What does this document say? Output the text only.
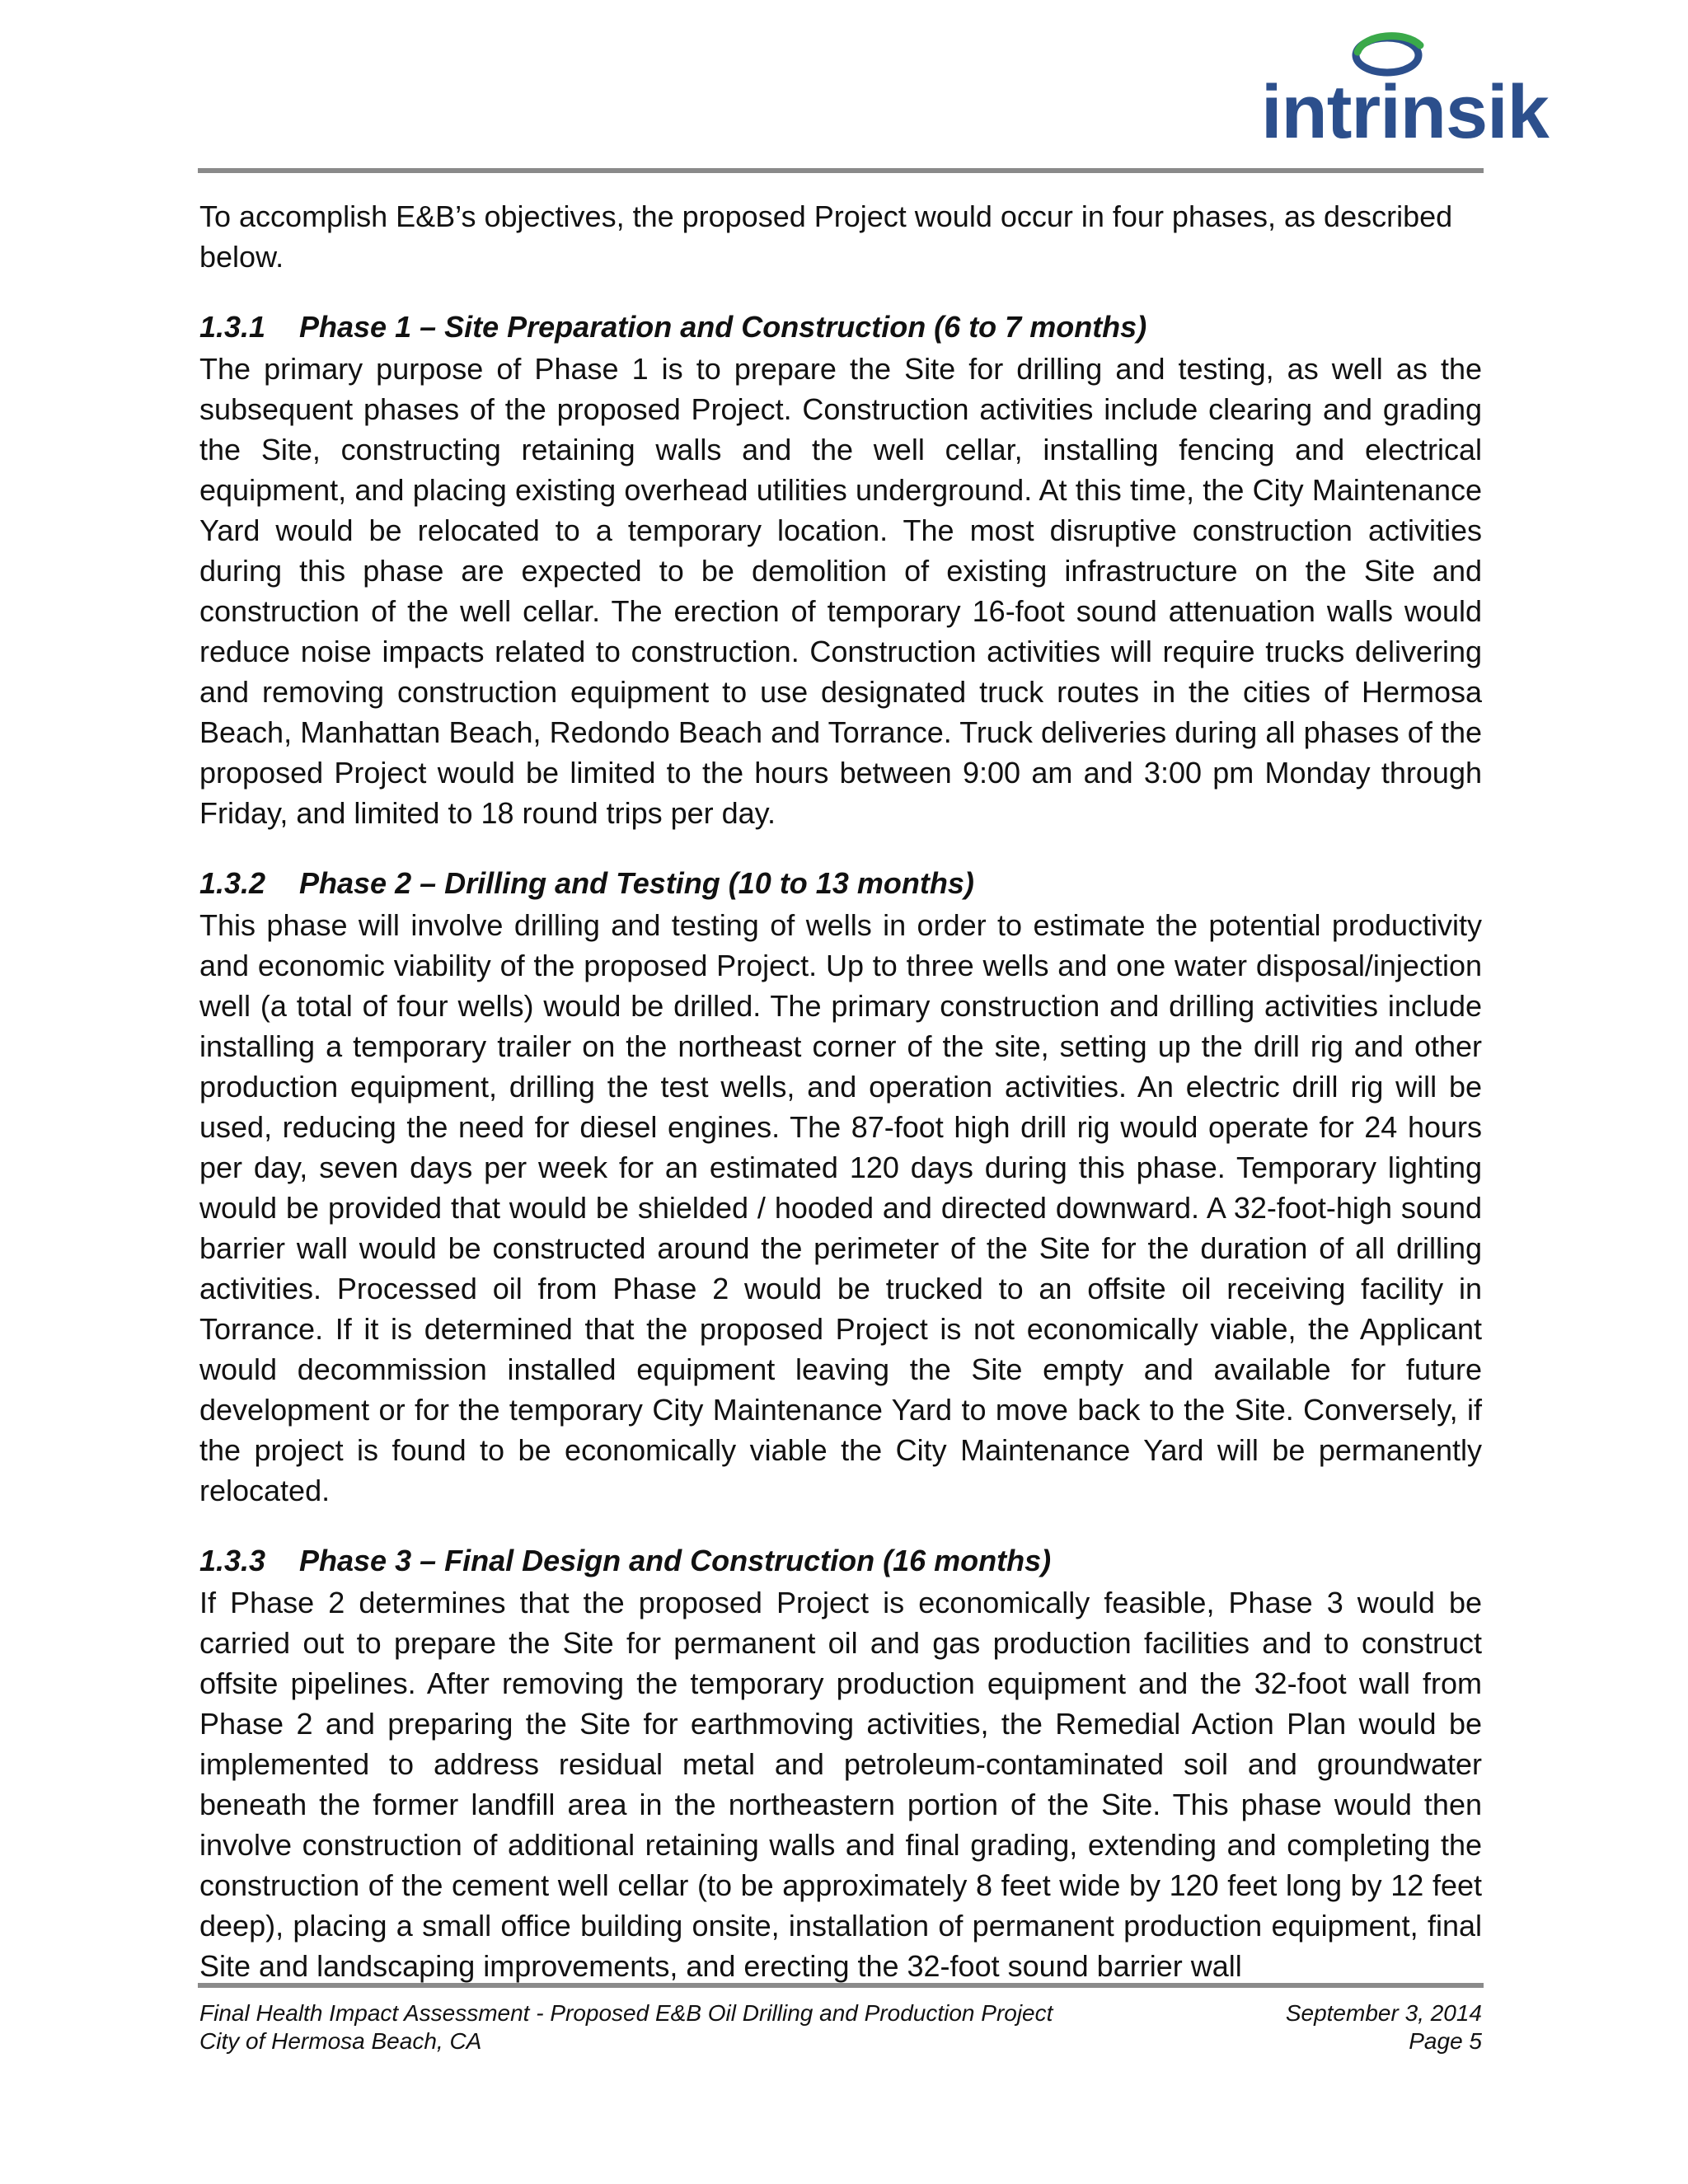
intrinsik

To accomplish E&B’s objectives, the proposed Project would occur in four phases, as described below.

1.3.1 Phase 1 – Site Preparation and Construction (6 to 7 months)

The primary purpose of Phase 1 is to prepare the Site for drilling and testing, as well as the subsequent phases of the proposed Project. Construction activities include clearing and grading the Site, constructing retaining walls and the well cellar, installing fencing and electrical equipment, and placing existing overhead utilities underground. At this time, the City Maintenance Yard would be relocated to a temporary location. The most disruptive construction activities during this phase are expected to be demolition of existing infrastructure on the Site and construction of the well cellar. The erection of temporary 16-foot sound attenuation walls would reduce noise impacts related to construction. Construction activities will require trucks delivering and removing construction equipment to use designated truck routes in the cities of Hermosa Beach, Manhattan Beach, Redondo Beach and Torrance. Truck deliveries during all phases of the proposed Project would be limited to the hours between 9:00 am and 3:00 pm Monday through Friday, and limited to 18 round trips per day.

1.3.2 Phase 2 – Drilling and Testing (10 to 13 months)

This phase will involve drilling and testing of wells in order to estimate the potential productivity and economic viability of the proposed Project. Up to three wells and one water disposal/injection well (a total of four wells) would be drilled. The primary construction and drilling activities include installing a temporary trailer on the northeast corner of the site, setting up the drill rig and other production equipment, drilling the test wells, and operation activities. An electric drill rig will be used, reducing the need for diesel engines. The 87-foot high drill rig would operate for 24 hours per day, seven days per week for an estimated 120 days during this phase. Temporary lighting would be provided that would be shielded / hooded and directed downward. A 32-foot-high sound barrier wall would be constructed around the perimeter of the Site for the duration of all drilling activities. Processed oil from Phase 2 would be trucked to an offsite oil receiving facility in Torrance. If it is determined that the proposed Project is not economically viable, the Applicant would decommission installed equipment leaving the Site empty and available for future development or for the temporary City Maintenance Yard to move back to the Site. Conversely, if the project is found to be economically viable the City Maintenance Yard will be permanently relocated.

1.3.3 Phase 3 – Final Design and Construction (16 months)

If Phase 2 determines that the proposed Project is economically feasible, Phase 3 would be carried out to prepare the Site for permanent oil and gas production facilities and to construct offsite pipelines. After removing the temporary production equipment and the 32-foot wall from Phase 2 and preparing the Site for earthmoving activities, the Remedial Action Plan would be implemented to address residual metal and petroleum-contaminated soil and groundwater beneath the former landfill area in the northeastern portion of the Site. This phase would then involve construction of additional retaining walls and final grading, extending and completing the construction of the cement well cellar (to be approximately 8 feet wide by 120 feet long by 12 feet deep), placing a small office building onsite, installation of permanent production equipment, final Site and landscaping improvements, and erecting the 32-foot sound barrier wall

Final Health Impact Assessment - Proposed E&B Oil Drilling and Production Project	September 3, 2014
City of Hermosa Beach, CA	Page 5
